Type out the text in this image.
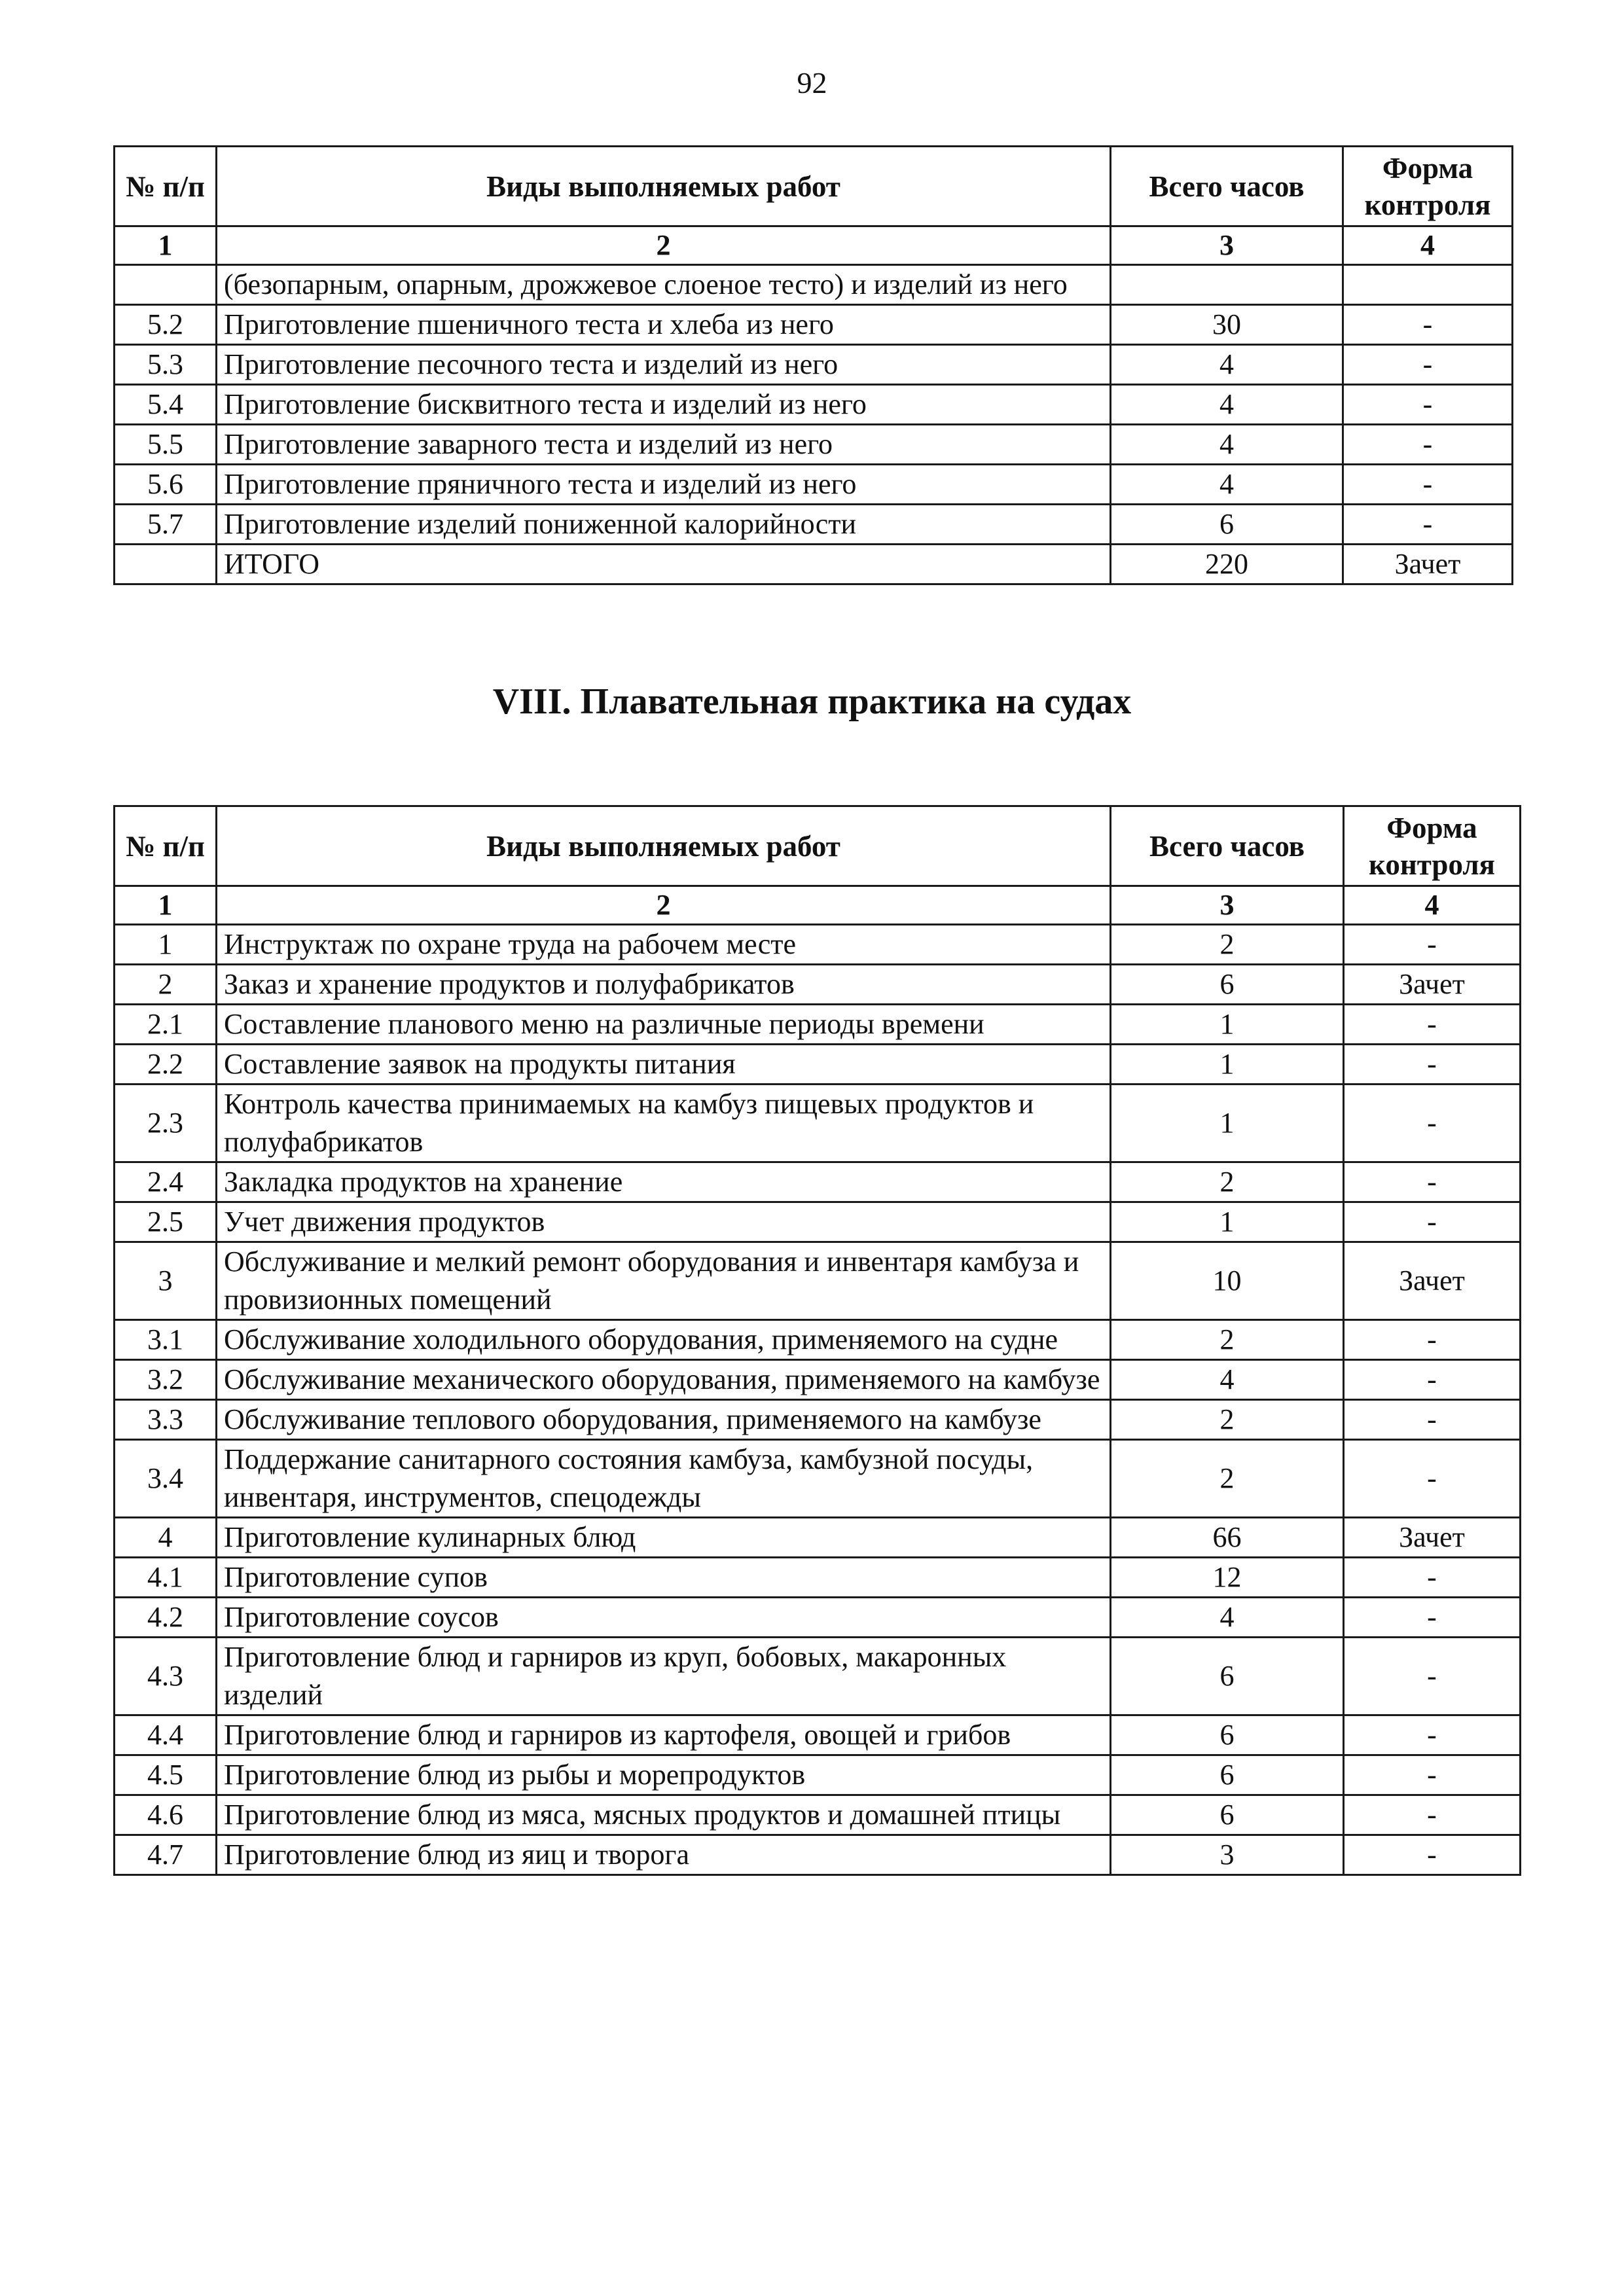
92
№ п/п	Виды выполняемых работ	Всего часов	Форма контроля
1	2	3	4
	(безопарным, опарным, дрожжевое слоеное тесто) и изделий из него		
5.2	Приготовление пшеничного теста и хлеба из него	30	-
5.3	Приготовление песочного теста и изделий из него	4	-
5.4	Приготовление бисквитного теста и изделий из него	4	-
5.5	Приготовление заварного теста и изделий из него	4	-
5.6	Приготовление пряничного теста и изделий из него	4	-
5.7	Приготовление изделий пониженной калорийности	6	-
	ИТОГО	220	Зачет
VIII. Плавательная практика на судах
№ п/п	Виды выполняемых работ	Всего часов	Форма контроля
1	2	3	4
1	Инструктаж по охране труда на рабочем месте	2	-
2	Заказ и хранение продуктов и полуфабрикатов	6	Зачет
2.1	Составление планового меню на различные периоды времени	1	-
2.2	Составление заявок на продукты питания	1	-
2.3	Контроль качества принимаемых на камбуз пищевых продуктов и полуфабрикатов	1	-
2.4	Закладка продуктов на хранение	2	-
2.5	Учет движения продуктов	1	-
3	Обслуживание и мелкий ремонт оборудования и инвентаря камбуза и провизионных помещений	10	Зачет
3.1	Обслуживание холодильного оборудования, применяемого на судне	2	-
3.2	Обслуживание механического оборудования, применяемого на камбузе	4	-
3.3	Обслуживание теплового оборудования, применяемого на камбузе	2	-
3.4	Поддержание санитарного состояния камбуза, камбузной посуды, инвентаря, инструментов, спецодежды	2	-
4	Приготовление кулинарных блюд	66	Зачет
4.1	Приготовление супов	12	-
4.2	Приготовление соусов	4	-
4.3	Приготовление блюд и гарниров из круп, бобовых, макаронных изделий	6	-
4.4	Приготовление блюд и гарниров из картофеля, овощей и грибов	6	-
4.5	Приготовление блюд из рыбы и морепродуктов	6	-
4.6	Приготовление блюд из мяса, мясных продуктов и домашней птицы	6	-
4.7	Приготовление блюд из яиц и творога	3	-
